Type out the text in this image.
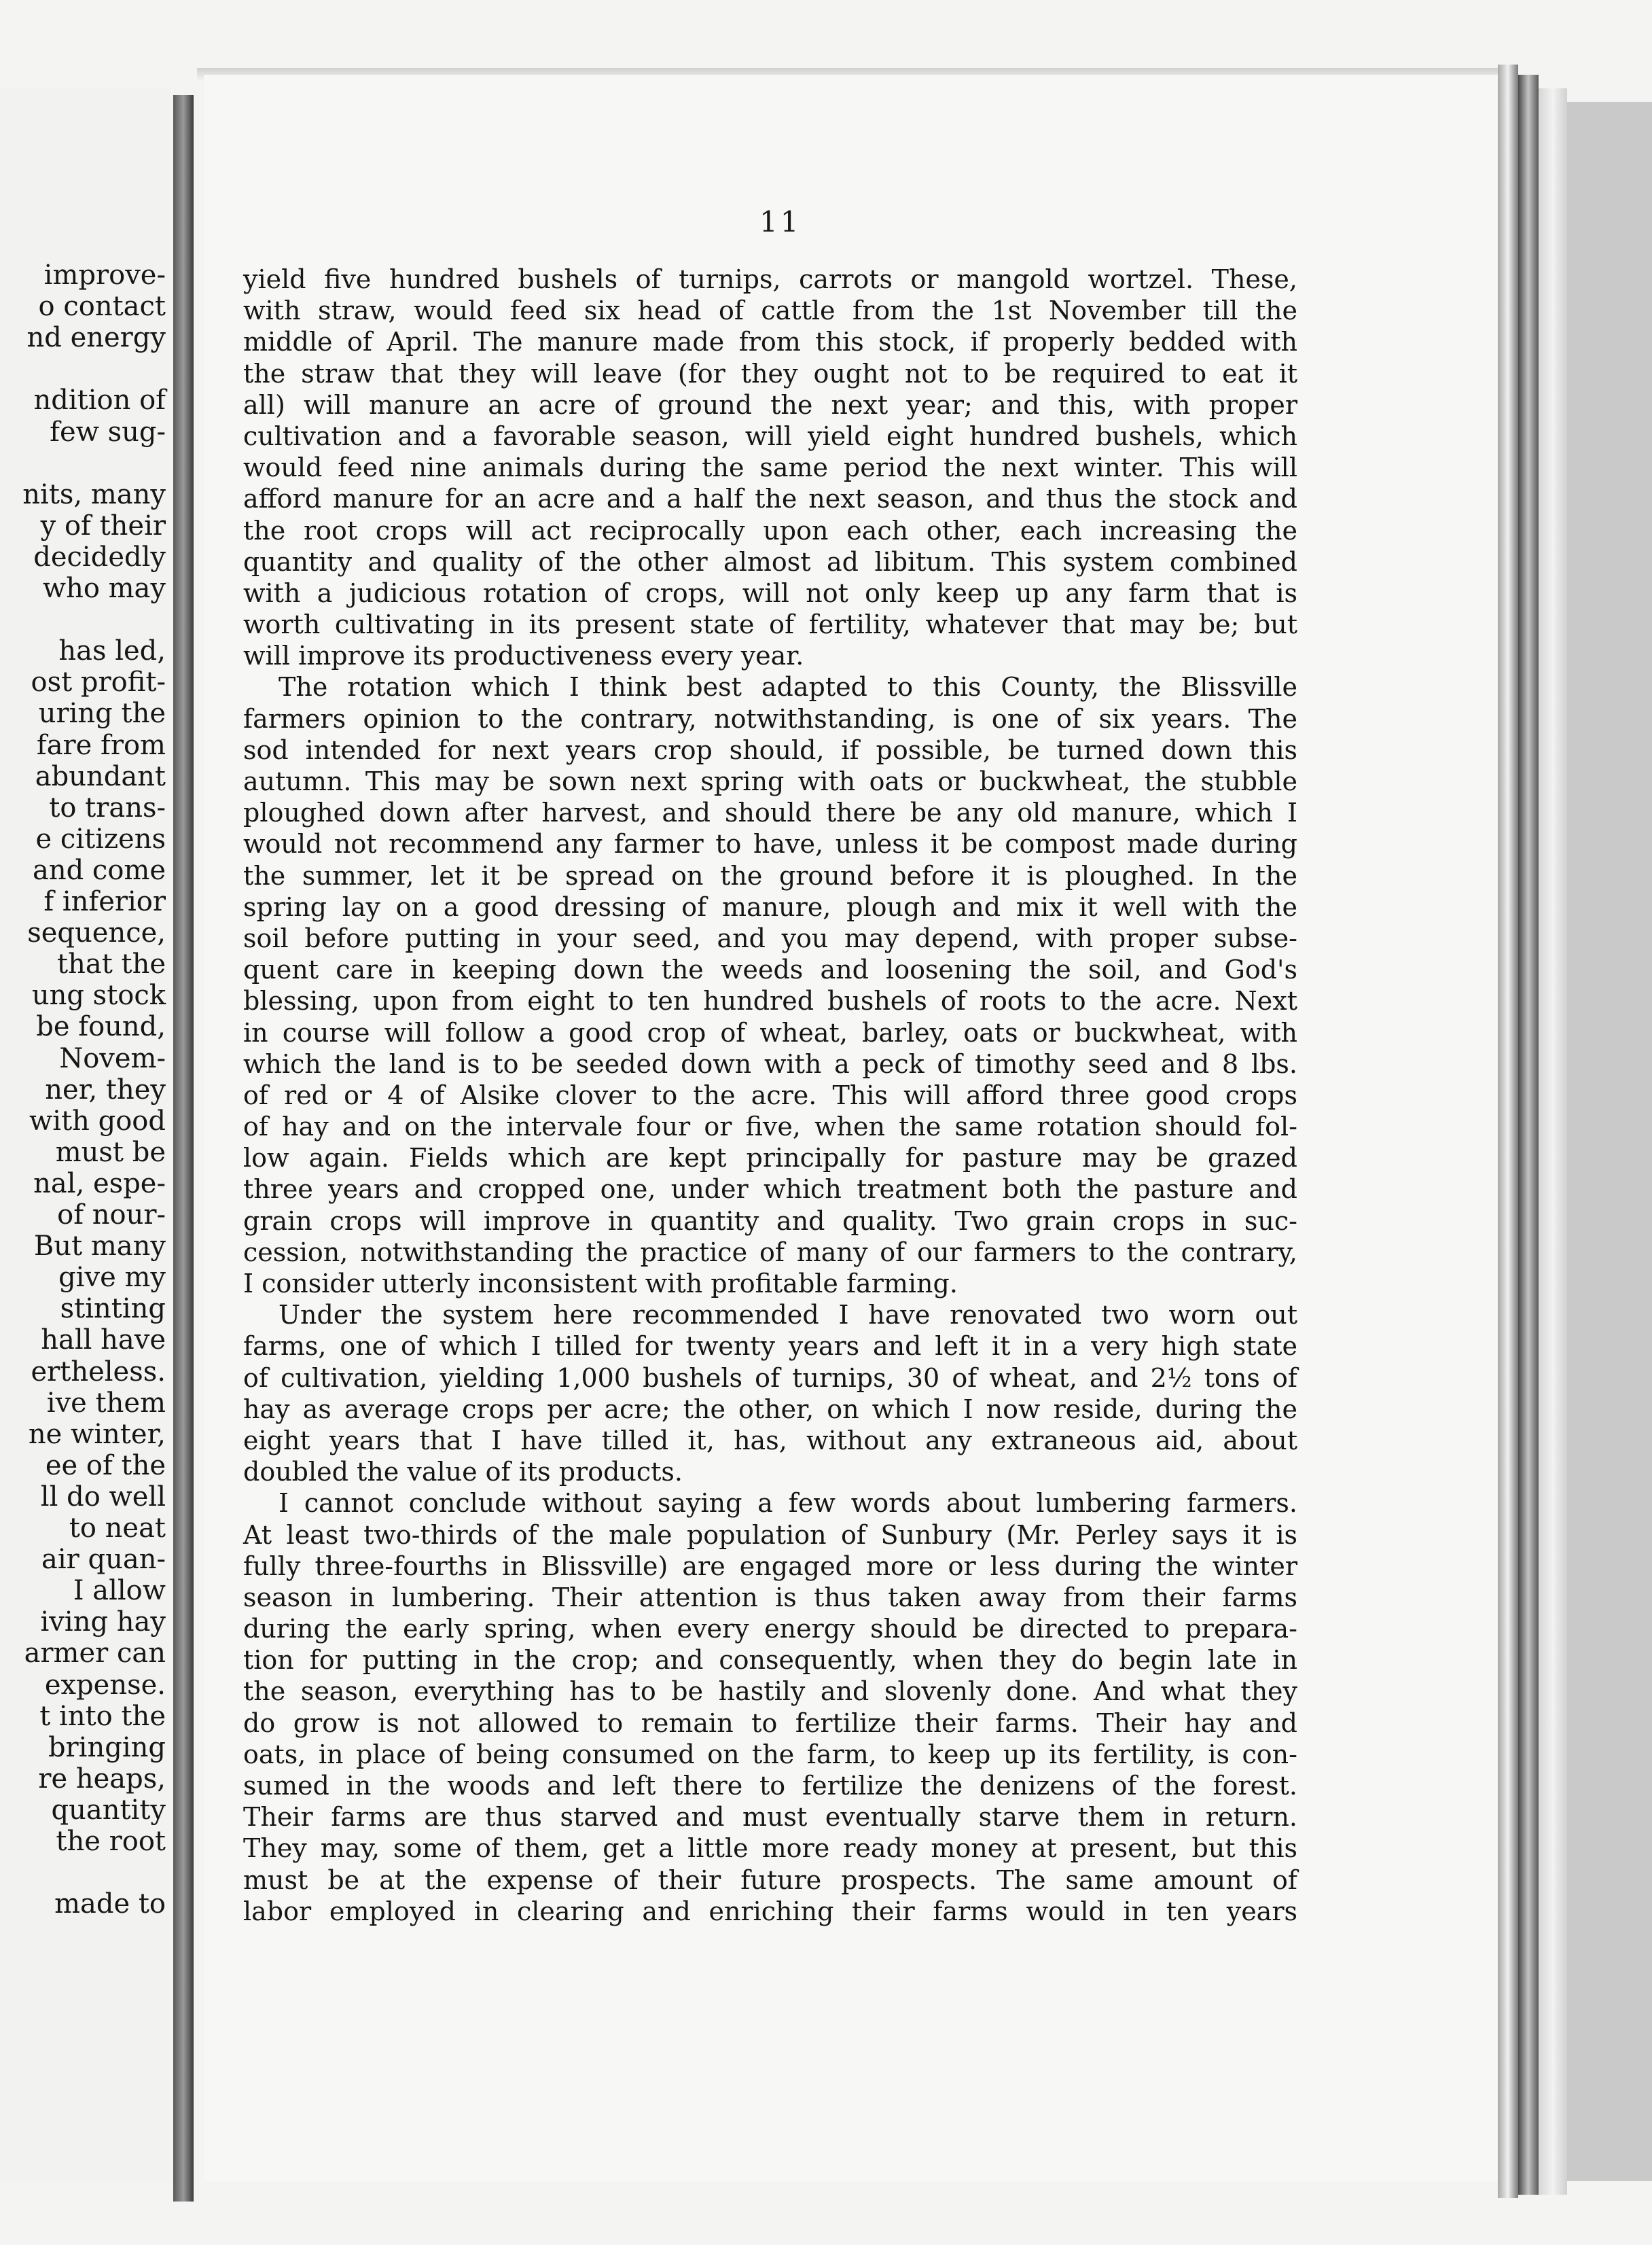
improve-
o contact
nd energy
ndition of
few sug-
nits, many
y of their
decidedly
who may
has led,
ost profit-
uring the
fare from
abundant
to trans-
e citizens
and come
f inferior
sequence,
that the
ung stock
be found,
Novem-
ner, they
with good
must be
nal, espe-
of nour-
But many
give my
stinting
hall have
ertheless.
ive them
ne winter,
ee of the
ll do well
to neat
air quan-
I allow
iving hay
armer can
expense.
t into the
bringing
re heaps,
quantity
the root
made to
11
yield five hundred bushels of turnips, carrots or mangold wortzel. These,
with straw, would feed six head of cattle from the 1st November till the
middle of April. The manure made from this stock, if properly bedded with
the straw that they will leave (for they ought not to be required to eat it
all) will manure an acre of ground the next year; and this, with proper
cultivation and a favorable season, will yield eight hundred bushels, which
would feed nine animals during the same period the next winter. This will
afford manure for an acre and a half the next season, and thus the stock and
the root crops will act reciprocally upon each other, each increasing the
quantity and quality of the other almost ad libitum. This system combined
with a judicious rotation of crops, will not only keep up any farm that is
worth cultivating in its present state of fertility, whatever that may be; but
will improve its productiveness every year.
The rotation which I think best adapted to this County, the Blissville
farmers opinion to the contrary, notwithstanding, is one of six years. The
sod intended for next years crop should, if possible, be turned down this
autumn. This may be sown next spring with oats or buckwheat, the stubble
ploughed down after harvest, and should there be any old manure, which I
would not recommend any farmer to have, unless it be compost made during
the summer, let it be spread on the ground before it is ploughed. In the
spring lay on a good dressing of manure, plough and mix it well with the
soil before putting in your seed, and you may depend, with proper subse-
quent care in keeping down the weeds and loosening the soil, and God's
blessing, upon from eight to ten hundred bushels of roots to the acre. Next
in course will follow a good crop of wheat, barley, oats or buckwheat, with
which the land is to be seeded down with a peck of timothy seed and 8 lbs.
of red or 4 of Alsike clover to the acre. This will afford three good crops
of hay and on the intervale four or five, when the same rotation should fol-
low again. Fields which are kept principally for pasture may be grazed
three years and cropped one, under which treatment both the pasture and
grain crops will improve in quantity and quality. Two grain crops in suc-
cession, notwithstanding the practice of many of our farmers to the contrary,
I consider utterly inconsistent with profitable farming.
Under the system here recommended I have renovated two worn out
farms, one of which I tilled for twenty years and left it in a very high state
of cultivation, yielding 1,000 bushels of turnips, 30 of wheat, and 2½ tons of
hay as average crops per acre; the other, on which I now reside, during the
eight years that I have tilled it, has, without any extraneous aid, about
doubled the value of its products.
I cannot conclude without saying a few words about lumbering farmers.
At least two-thirds of the male population of Sunbury (Mr. Perley says it is
fully three-fourths in Blissville) are engaged more or less during the winter
season in lumbering. Their attention is thus taken away from their farms
during the early spring, when every energy should be directed to prepara-
tion for putting in the crop; and consequently, when they do begin late in
the season, everything has to be hastily and slovenly done. And what they
do grow is not allowed to remain to fertilize their farms. Their hay and
oats, in place of being consumed on the farm, to keep up its fertility, is con-
sumed in the woods and left there to fertilize the denizens of the forest.
Their farms are thus starved and must eventually starve them in return.
They may, some of them, get a little more ready money at present, but this
must be at the expense of their future prospects. The same amount of
labor employed in clearing and enriching their farms would in ten years
